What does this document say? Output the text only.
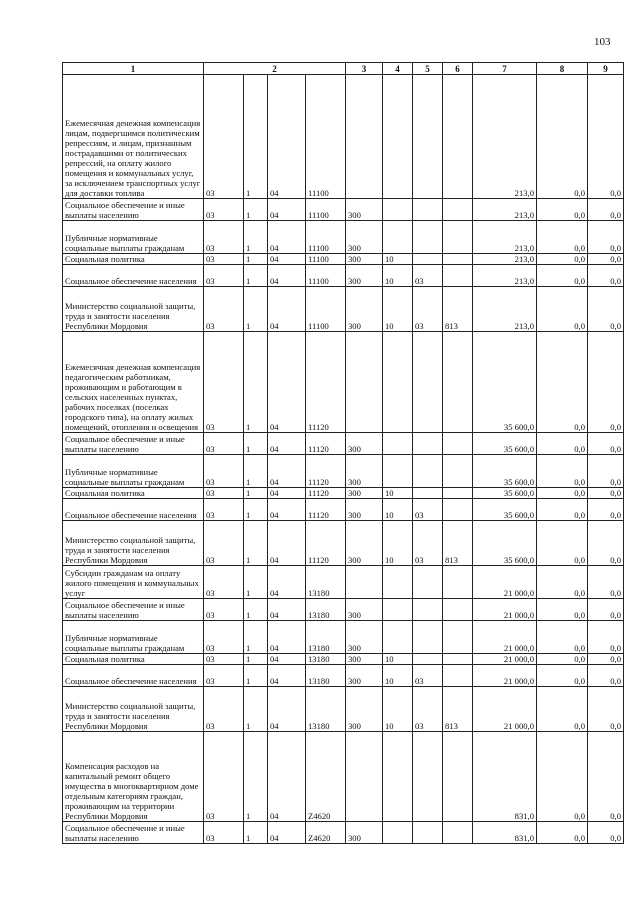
103
1	2				3	4	5	6	7	8	9
Ежемесячная денежная компенсация лицам, подвергшимся политическим репрессиям, и лицам, признанным пострадавшими от политических репрессий, на оплату жилого помещения и коммунальных услуг, за исключением транспортных услуг для доставки топлива	03	1	04	11100					213,0	0,0	0,0
Социальное обеспечение и иные выплаты населению	03	1	04	11100	300				213,0	0,0	0,0
Публичные нормативные социальные выплаты гражданам	03	1	04	11100	300				213,0	0,0	0,0
Социальная политика	03	1	04	11100	300	10			213,0	0,0	0,0
Социальное обеспечение населения	03	1	04	11100	300	10	03		213,0	0,0	0,0
Министерство социальной защиты, труда и занятости населения Республики Мордовия	03	1	04	11100	300	10	03	813	213,0	0,0	0,0
Ежемесячная денежная компенсация педагогическим работникам, проживающим и работающим в сельских населенных пунктах, рабочих поселках (поселках городского типа), на оплату жилых помещений, отопления и освещения	03	1	04	11120					35 600,0	0,0	0,0
Социальное обеспечение и иные выплаты населению	03	1	04	11120	300				35 600,0	0,0	0,0
Публичные нормативные социальные выплаты гражданам	03	1	04	11120	300				35 600,0	0,0	0,0
Социальная политика	03	1	04	11120	300	10			35 600,0	0,0	0,0
Социальное обеспечение населения	03	1	04	11120	300	10	03		35 600,0	0,0	0,0
Министерство социальной защиты, труда и занятости населения Республики Мордовия	03	1	04	11120	300	10	03	813	35 600,0	0,0	0,0
Субсидии гражданам на оплату жилого помещения и коммунальных услуг	03	1	04	13180					21 000,0	0,0	0,0
Социальное обеспечение и иные выплаты населению	03	1	04	13180	300				21 000,0	0,0	0,0
Публичные нормативные социальные выплаты гражданам	03	1	04	13180	300				21 000,0	0,0	0,0
Социальная политика	03	1	04	13180	300	10			21 000,0	0,0	0,0
Социальное обеспечение населения	03	1	04	13180	300	10	03		21 000,0	0,0	0,0
Министерство социальной защиты, труда и занятости населения Республики Мордовия	03	1	04	13180	300	10	03	813	21 000,0	0,0	0,0
Компенсация расходов на капитальный ремонт общего имущества в многоквартирном доме отдельным категориям граждан, проживающим на территории Республики Мордовия	03	1	04	Z4620					831,0	0,0	0,0
Социальное обеспечение и иные выплаты населению	03	1	04	Z4620	300				831,0	0,0	0,0
